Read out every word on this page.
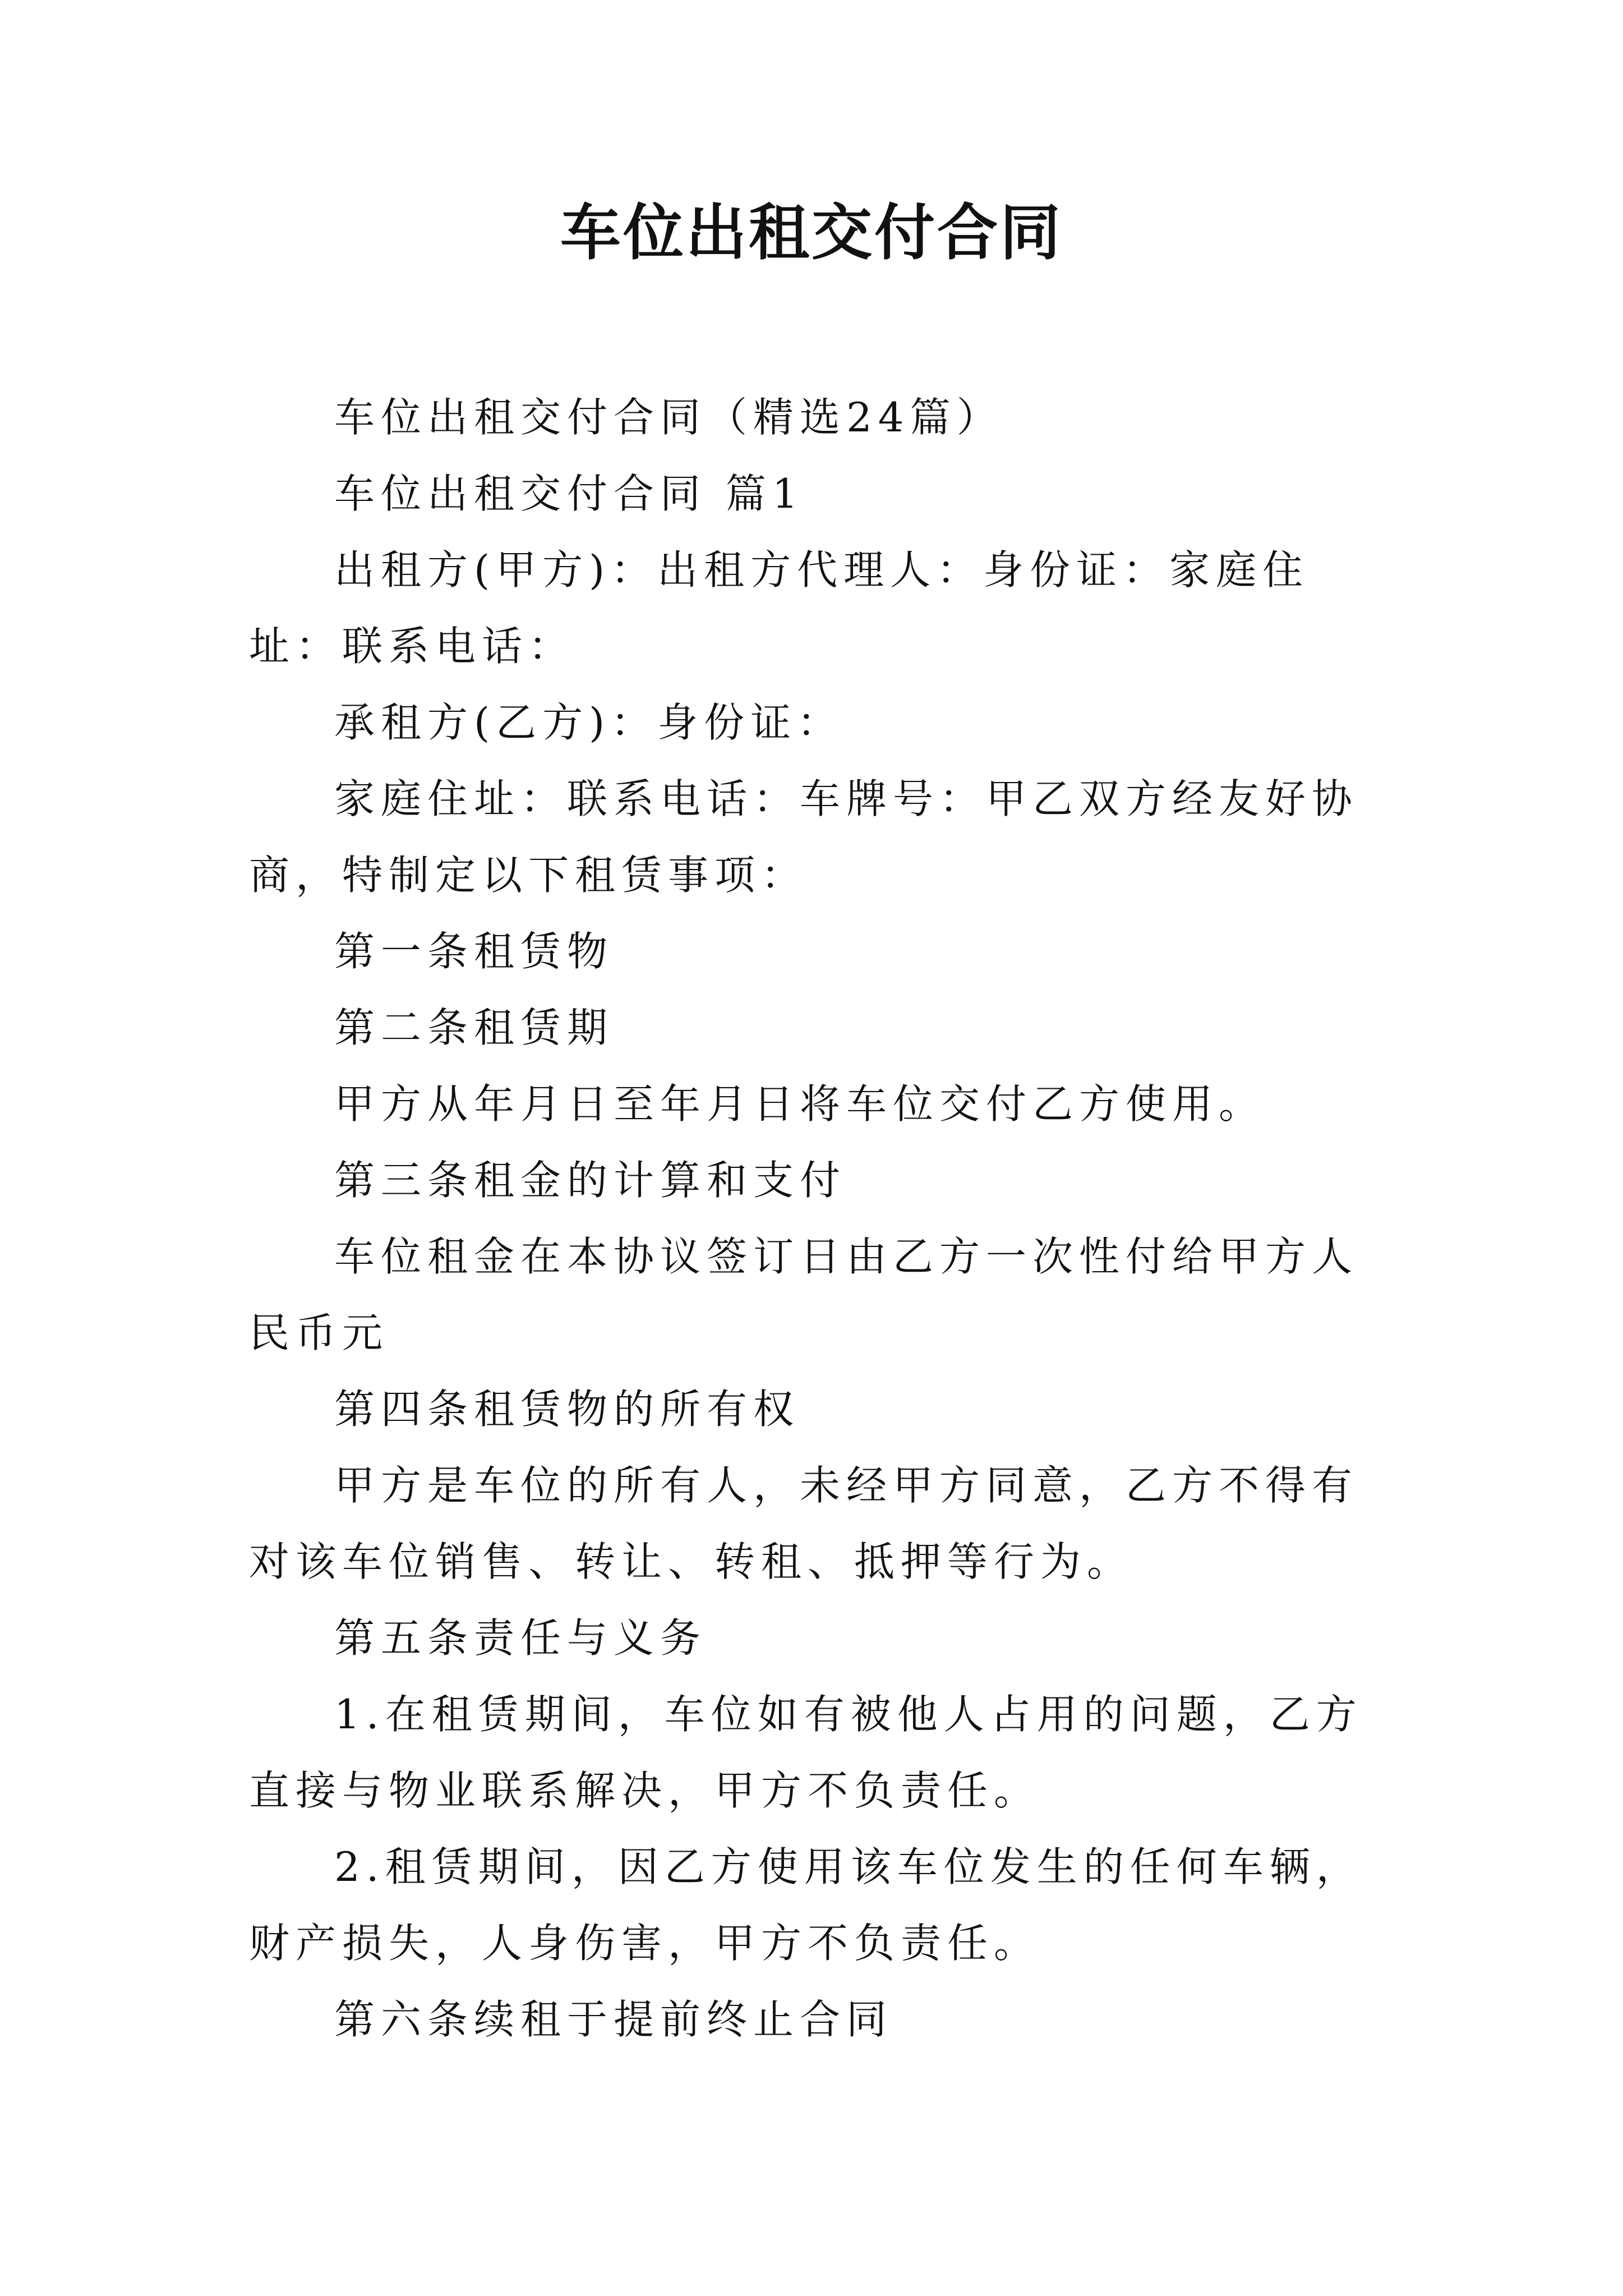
车位出租交付合同

车位出租交付合同（精选24篇）

车位出租交付合同 篇1

出租方(甲方)：出租方代理人：身份证：家庭住址：联系电话：

承租方(乙方)：身份证：

家庭住址：联系电话：车牌号：甲乙双方经友好协商，特制定以下租赁事项：

第一条租赁物

第二条租赁期

甲方从年月日至年月日将车位交付乙方使用。

第三条租金的计算和支付

车位租金在本协议签订日由乙方一次性付给甲方人民币元

第四条租赁物的所有权

甲方是车位的所有人，未经甲方同意，乙方不得有对该车位销售、转让、转租、抵押等行为。

第五条责任与义务

1.在租赁期间，车位如有被他人占用的问题，乙方直接与物业联系解决，甲方不负责任。

2.租赁期间，因乙方使用该车位发生的任何车辆，财产损失，人身伤害，甲方不负责任。

第六条续租于提前终止合同
